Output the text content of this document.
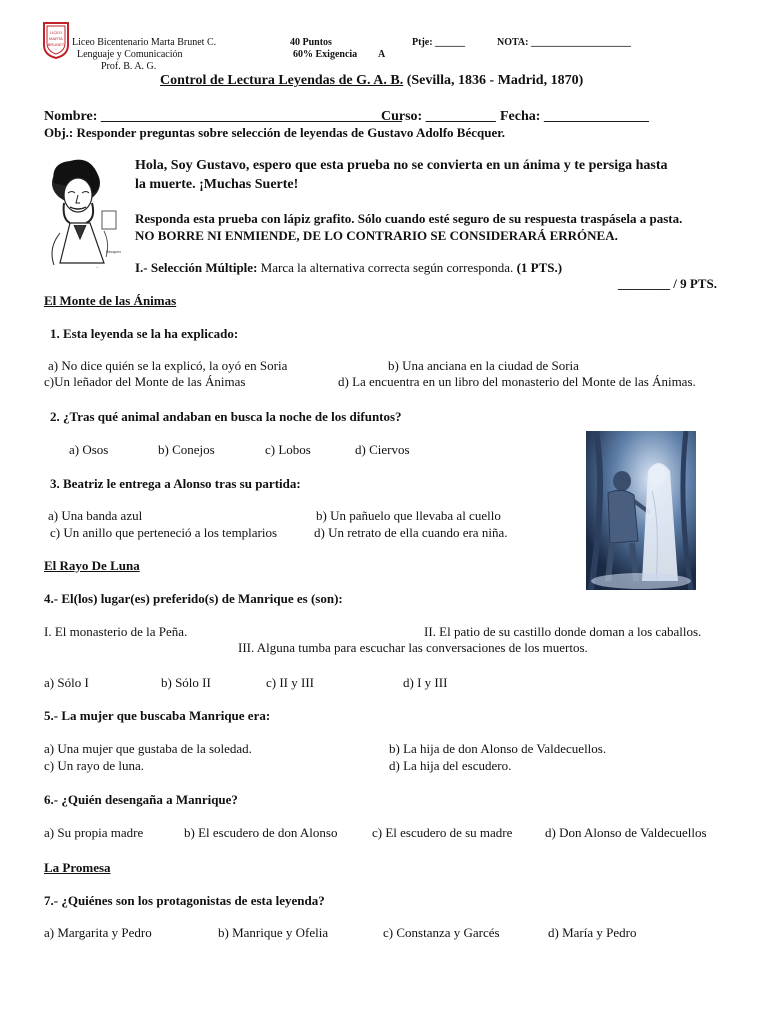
LICEO
MARTA
BRUNET Liceo Bicentenario Marta Brunet C.
Lenguaje y Comunicación
Prof. B. A. G.
40 Puntos
60% Exigencia A
Ptje: ______	NOTA: ____________________
Control de Lectura Leyendas de G. A. B. (Sevilla, 1836 - Madrid, 1870)
Nombre: ___________________________________________
Curso: __________ Fecha: _______________
Obj.: Responder preguntas sobre selección de leyendas de Gustavo Adolfo Bécquer.
Bécquer
~
Hola, Soy Gustavo, espero que esta prueba no se convierta en un ánima y te persiga hasta
la muerte. ¡Muchas Suerte!
Responda esta prueba con lápiz grafito. Sólo cuando esté seguro de su respuesta traspásela a pasta.
NO BORRE NI ENMIENDE, DE LO CONTRARIO SE CONSIDERARÁ ERRÓNEA.
I.- Selección Múltiple: Marca la alternativa correcta según corresponda. (1 PTS.)
________ / 9 PTS.
El Monte de las Ánimas
1. Esta leyenda se la ha explicado:
a) No dice quién se la explicó, la oyó en Soria	b) Una anciana en la ciudad de Soria
c)Un leñador del Monte de las Ánimas	d) La encuentra en un libro del monasterio del Monte de las Ánimas.
2. ¿Tras qué animal andaban en busca la noche de los difuntos?
a) Osos	b) Conejos	c) Lobos	d) Ciervos
3. Beatriz le entrega a Alonso tras su partida:
a) Una banda azul	b) Un pañuelo que llevaba al cuello
c) Un anillo que perteneció a los templarios	d) Un retrato de ella cuando era niña.
El Rayo De Luna
4.- El(los) lugar(es) preferido(s) de Manrique es (son):
I. El monasterio de la Peña.	II. El patio de su castillo donde doman a los caballos.
III. Alguna tumba para escuchar las conversaciones de los muertos.
a) Sólo I	b) Sólo II	c) II y III	d) I y III
5.- La mujer que buscaba Manrique era:
a) Una mujer que gustaba de la soledad.	b) La hija de don Alonso de Valdecuellos.
c) Un rayo de luna.	d) La hija del escudero.
6.- ¿Quién desengaña a Manrique?
a) Su propia madre	b) El escudero de don Alonso	c) El escudero de su madre	d) Don Alonso de Valdecuellos
La Promesa
7.- ¿Quiénes son los protagonistas de esta leyenda?
a) Margarita y Pedro	b) Manrique y Ofelia	c) Constanza y Garcés	d) María y Pedro
